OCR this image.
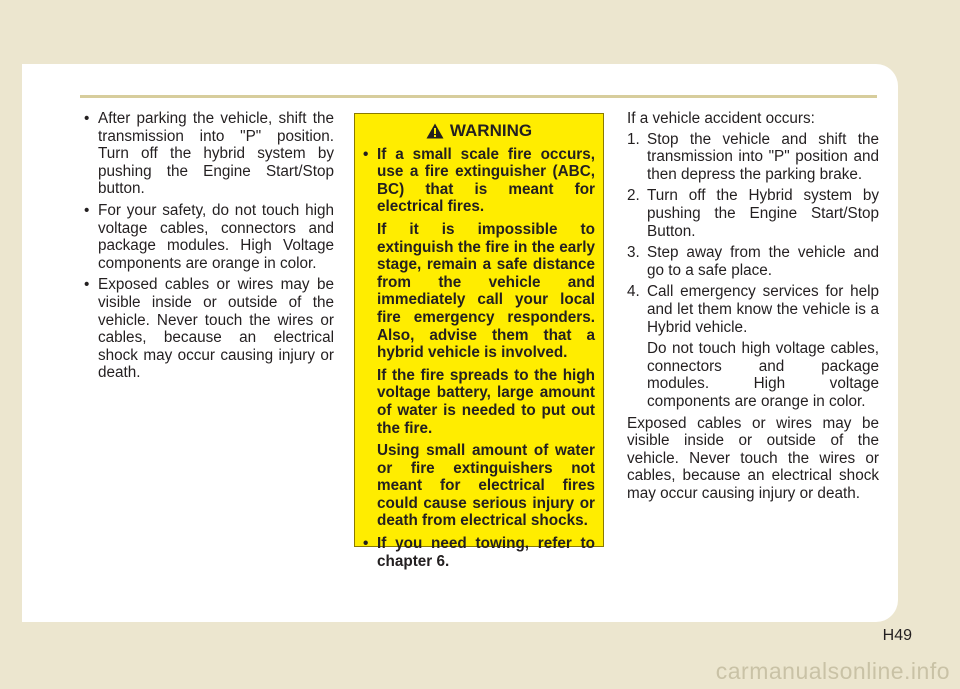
• After parking the vehicle, shift the transmission into "P" position. Turn off the hybrid system by pushing the Engine Start/Stop button.
• For your safety, do not touch high voltage cables, connectors and package modules. High Voltage components are orange in color.
• Exposed cables or wires may be visible inside or outside of the vehicle. Never touch the wires or cables, because an electrical shock may occur causing injury or death.
WARNING

• If a small scale fire occurs, use a fire extinguisher (ABC, BC) that is meant for electrical fires.

If it is impossible to extinguish the fire in the early stage, remain a safe distance from the vehicle and immediately call your local fire emergency responders. Also, advise them that a hybrid vehicle is involved.

If the fire spreads to the high voltage battery, large amount of water is needed to put out the fire.

Using small amount of water or fire extinguishers not meant for electrical fires could cause serious injury or death from electrical shocks.

• If you need towing, refer to chapter 6.

If a vehicle accident occurs:

1. Stop the vehicle and shift the transmission into "P" position and then depress the parking brake.

2. Turn off the Hybrid system by pushing the Engine Start/Stop Button.

3. Step away from the vehicle and go to a safe place.

4. Call emergency services for help and let them know the vehicle is a Hybrid vehicle.

Do not touch high voltage cables, connectors and package modules. High voltage components are orange in color.

Exposed cables or wires may be visible inside or outside of the vehicle. Never touch the wires or cables, because an electrical shock may occur causing injury or death.

H49
carmanualsonline.info
